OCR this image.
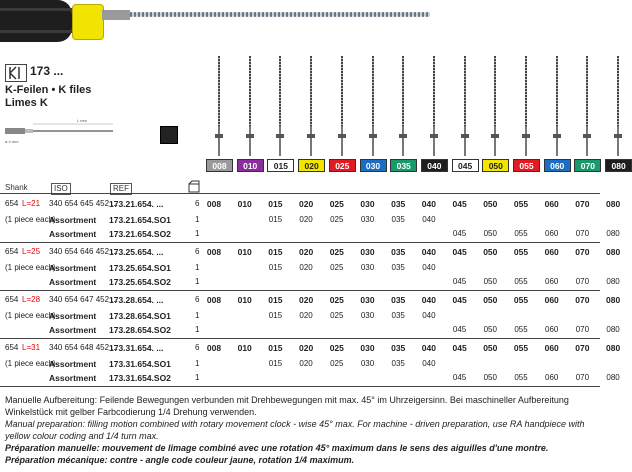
173 ...
K-Feilen • K files
Limes K
L mm
ø 4 mm
008	010	015	020	025	030	035	040	045	050	055	060	070	080
Shank	ISO	REF
654 L=21 340 654 645 452 ...
173.21.654. ...	6 008	010	015	020	025	030	035	040	045	050	055	060	070	080
(1 piece each)
Assortment 173.21.654.SO1	1	015	020	025	030	035	040
Assortment 173.21.654.SO2	1	045	050	055	060	070	080
654 L=25 340 654 646 452 ...
173.25.654. ...	6 008	010	015	020	025	030	035	040	045	050	055	060	070	080
(1 piece each)
Assortment 173.25.654.SO1	1	015	020	025	030	035	040
Assortment 173.25.654.SO2	1	045	050	055	060	070	080
654 L=28 340 654 647 452 ...
173.28.654. ...	6 008	010	015	020	025	030	035	040	045	050	055	060	070	080
(1 piece each)
Assortment 173.28.654.SO1	1	015	020	025	030	035	040
Assortment 173.28.654.SO2	1	045	050	055	060	070	080
654 L=31 340 654 648 452 ...
173.31.654. ...	6 008	010	015	020	025	030	035	040	045	050	055	060	070	080
(1 piece each)
Assortment 173.31.654.SO1	1	015	020	025	030	035	040
Assortment 173.31.654.SO2	1	045	050	055	060	070	080
Manuelle Aufbereitung: Feilende Bewegungen verbunden mit Drehbewegungen mit max. 45° im Uhrzeigersinn. Bei maschineller Aufbereitung Winkelstück mit gelber Farbcodierung 1/4 Drehung verwenden.
Manual preparation: filling motion combined with rotary movement clock - wise 45° max. For machine - driven preparation, use RA handpiece with yellow colour coding and 1/4 turn max.
Préparation manuelle: mouvement de limage combiné avec une rotation 45° maximum dans le sens des aiguilles d'une montre. Préparation mécanique: contre - angle code couleur jaune, rotation 1/4 maximum.
